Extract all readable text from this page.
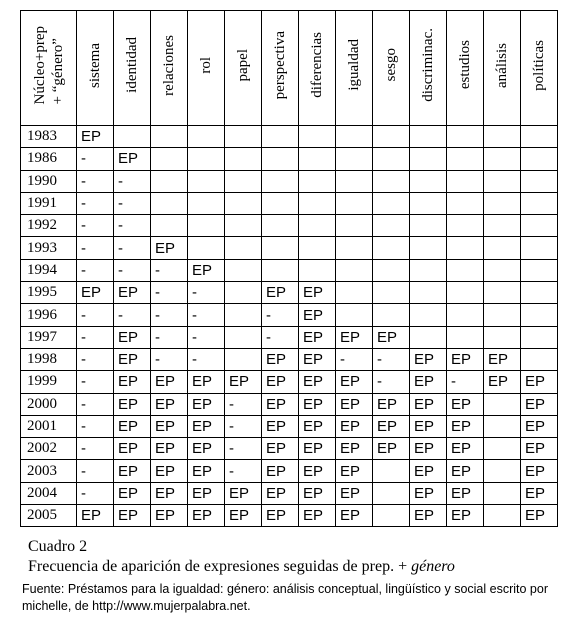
Núcleo+prep
+ “género”	sistema	identidad	relaciones	rol	papel	perspectiva	diferencias	igualdad	sesgo	discriminac.	estudios	análisis	políticas

1983	EP												
1986	-	EP											
1990	-	-											
1991	-	-											
1992	-	-											
1993	-	-	EP										
1994	-	-	-	EP									
1995	EP	EP	-	-		EP	EP						
1996	-	-	-	-		-	EP						
1997	-	EP	-	-		-	EP	EP	EP				
1998	-	EP	-	-		EP	EP	-	-	EP	EP	EP	
1999	-	EP	EP	EP	EP	EP	EP	EP	-	EP	-	EP	EP
2000	-	EP	EP	EP	-	EP	EP	EP	EP	EP	EP		EP
2001	-	EP	EP	EP	-	EP	EP	EP	EP	EP	EP		EP
2002	-	EP	EP	EP	-	EP	EP	EP	EP	EP	EP		EP
2003	-	EP	EP	EP	-	EP	EP	EP		EP	EP		EP
2004	-	EP	EP	EP	EP	EP	EP	EP		EP	EP		EP
2005	EP	EP	EP	EP	EP	EP	EP	EP		EP	EP		EP
Cuadro 2
Frecuencia de aparición de expresiones seguidas de prep. + género
Fuente: Préstamos para la igualdad: género: análisis conceptual, lingüístico y social escrito por michelle, de http://www.mujerpalabra.net.
